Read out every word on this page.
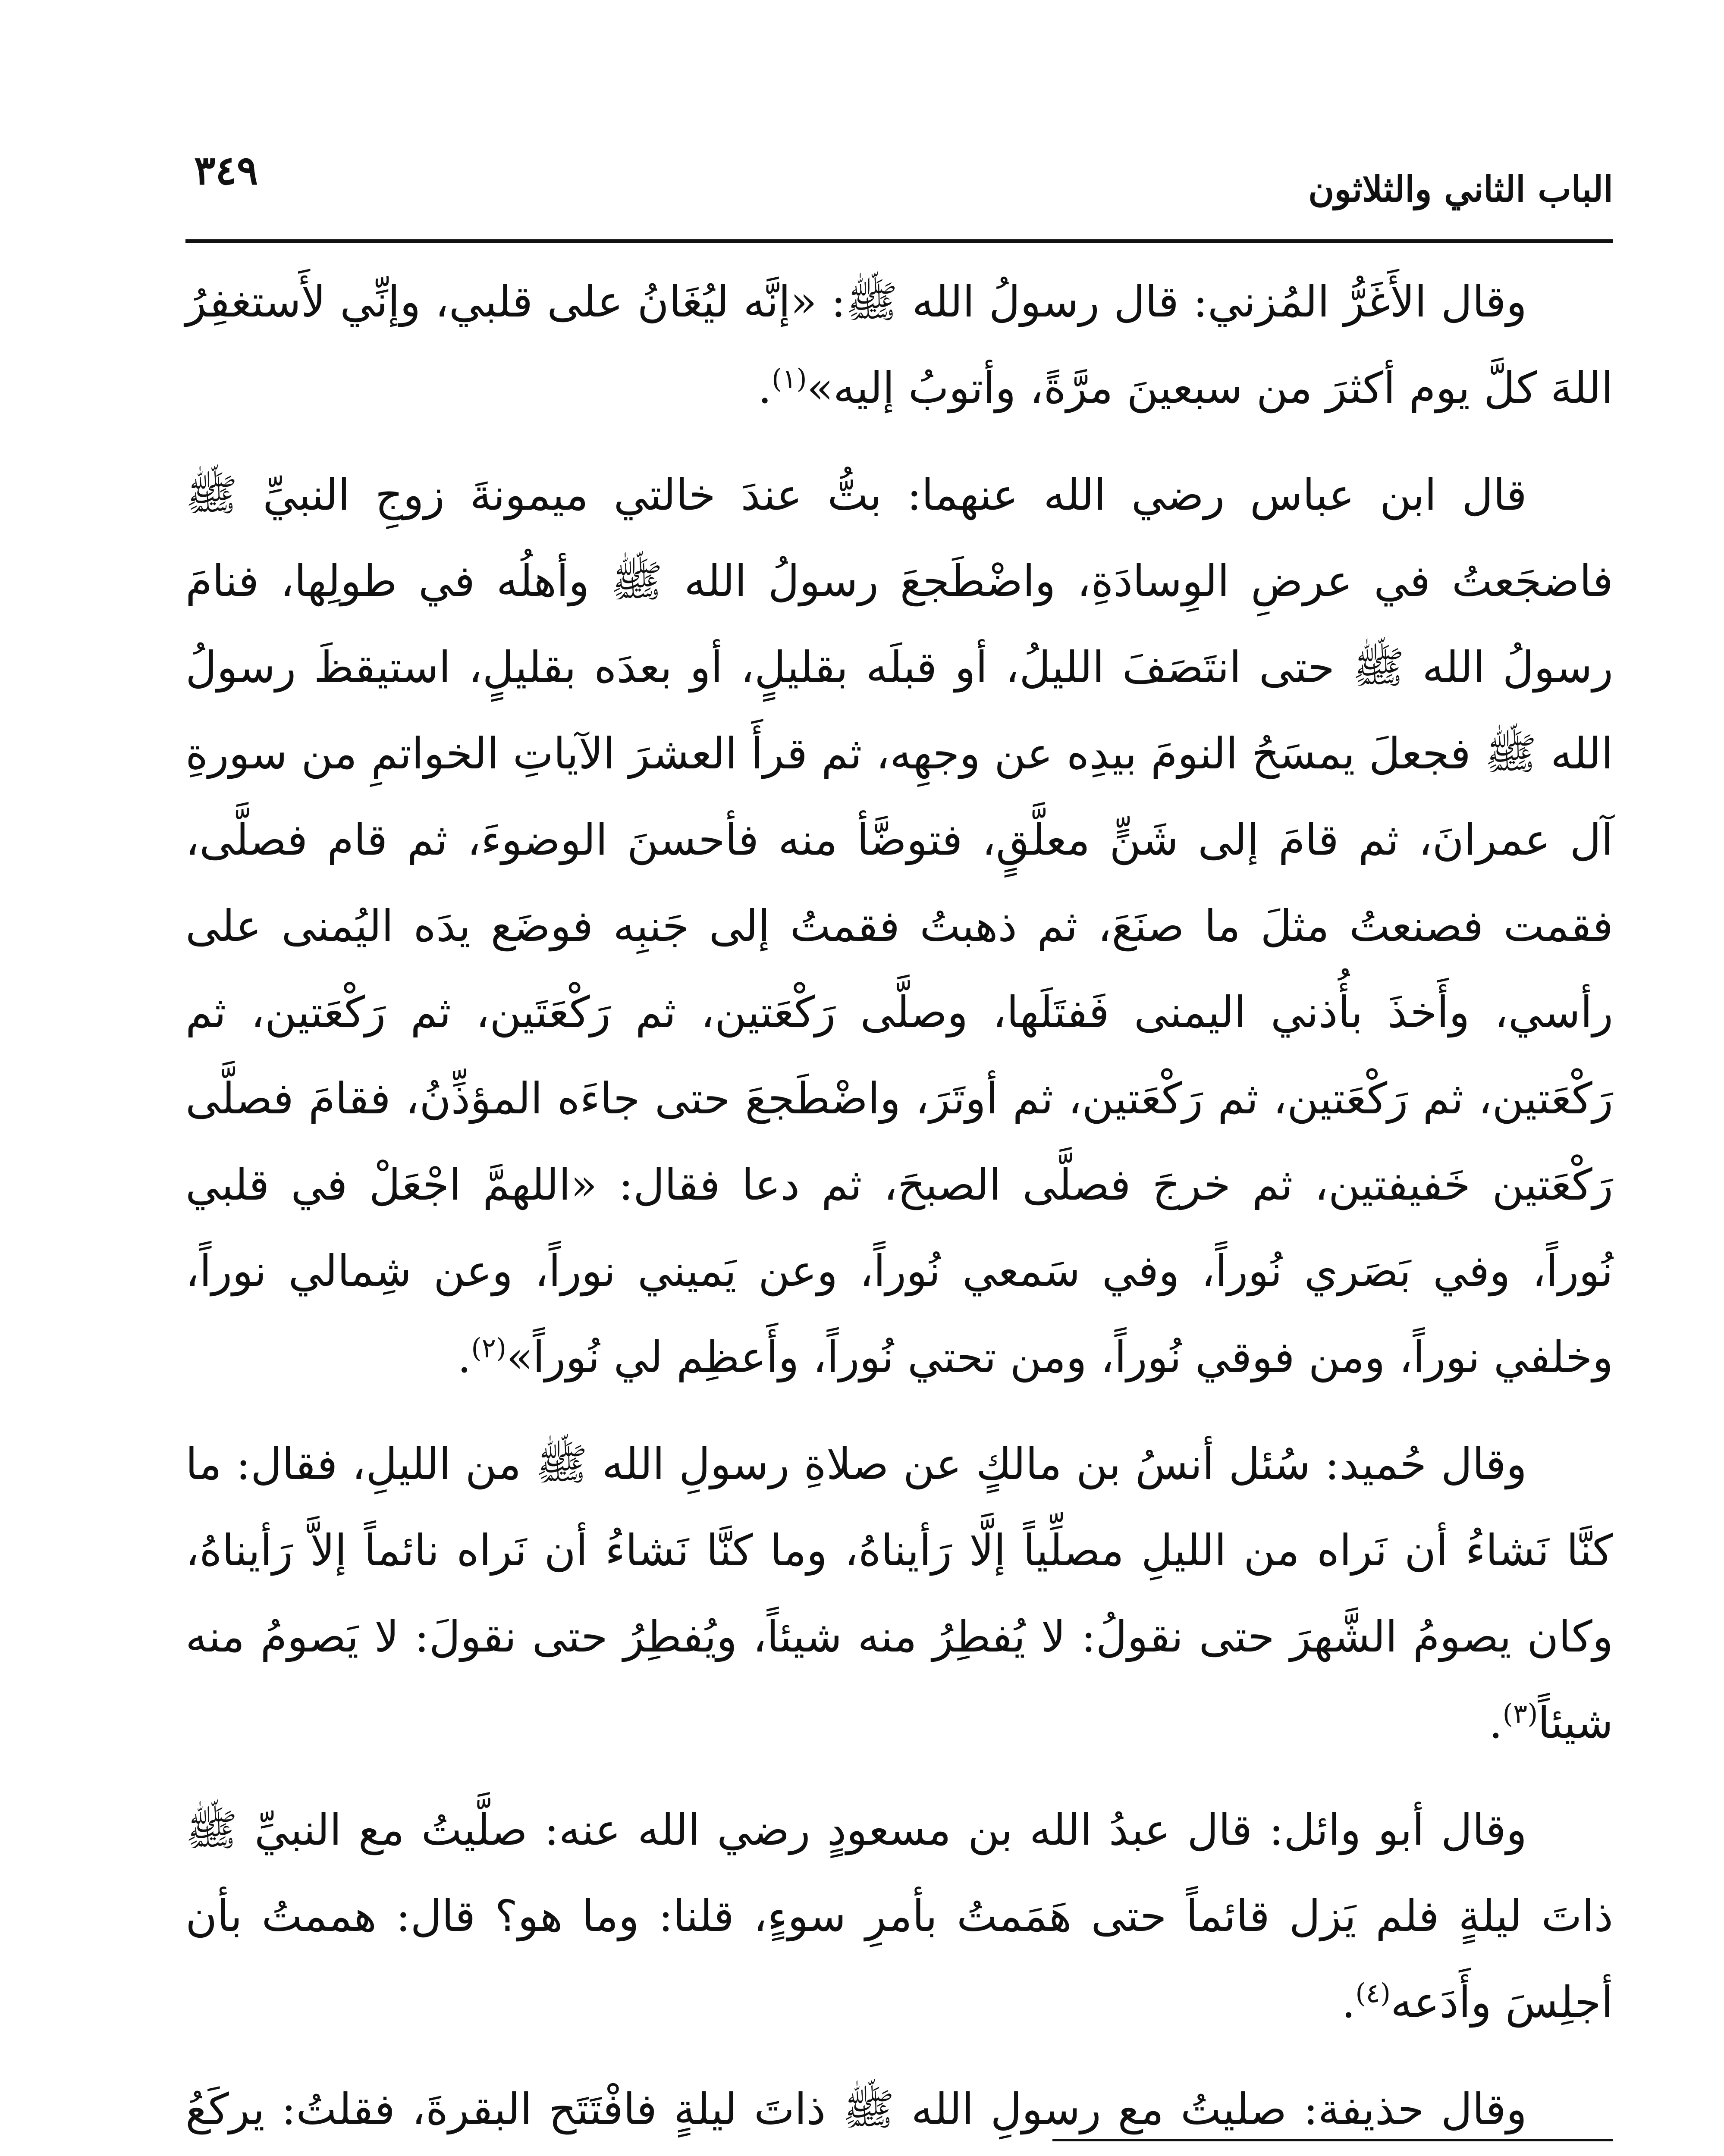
الباب الثاني والثلاثون
٣٤٩

وقال الأَغَرُّ المُزني: قال رسولُ الله ﷺ: «إنَّه ليُغَانُ على قلبي، وإنِّي لأَستغفِرُ اللهَ كلَّ يوم أكثرَ من سبعينَ مرَّةً، وأتوبُ إليه»$^{(١)}$.

قال ابن عباس رضي الله عنهما: بتُّ عندَ خالتي ميمونةَ زوجِ النبيِّ ﷺ فاضجَعتُ في عرضِ الوِسادَةِ، واضْطَجعَ رسولُ الله ﷺ وأهلُه في طولِها، فنامَ رسولُ الله ﷺ حتى انتَصَفَ الليلُ، أو قبلَه بقليلٍ، أو بعدَه بقليلٍ، استيقظَ رسولُ الله ﷺ فجعلَ يمسَحُ النومَ بيدِه عن وجهِه، ثم قرأَ العشرَ الآياتِ الخواتمِ من سورةِ آل عمرانَ، ثم قامَ إلى شَنٍّ معلَّقٍ، فتوضَّأ منه فأحسنَ الوضوءَ، ثم قام فصلَّى، فقمت فصنعتُ مثلَ ما صنَعَ، ثم ذهبتُ فقمتُ إلى جَنبِه فوضَع يدَه اليُمنى على رأسي، وأَخذَ بأُذني اليمنى فَفتَلَها، وصلَّى رَكْعَتين، ثم رَكْعَتَين، ثم رَكْعَتين، ثم رَكْعَتين، ثم رَكْعَتين، ثم رَكْعَتين، ثم أوتَرَ، واضْطَجعَ حتى جاءَه المؤذِّنُ، فقامَ فصلَّى رَكْعَتين خَفيفتين، ثم خرجَ فصلَّى الصبحَ، ثم دعا فقال: «اللهمَّ اجْعَلْ في قلبي نُوراً، وفي بَصَري نُوراً، وفي سَمعي نُوراً، وعن يَميني نوراً، وعن شِمالي نوراً، وخلفي نوراً، ومن فوقي نُوراً، ومن تحتي نُوراً، وأَعظِم لي نُوراً»$^{(٢)}$.

وقال حُميد: سُئل أنسُ بن مالكٍ عن صلاةِ رسولِ الله ﷺ من الليلِ، فقال: ما كنَّا نَشاءُ أن نَراه من الليلِ مصلِّياً إلَّا رَأيناهُ، وما كنَّا نَشاءُ أن نَراه نائماً إلاَّ رَأيناهُ، وكان يصومُ الشَّهرَ حتى نقولُ: لا يُفطِرُ منه شيئاً، ويُفطِرُ حتى نقولَ: لا يَصومُ منه شيئاً$^{(٣)}$.

وقال أبو وائل: قال عبدُ الله بن مسعودٍ رضي الله عنه: صلَّيتُ مع النبيِّ ﷺ ذاتَ ليلةٍ فلم يَزل قائماً حتى هَمَمتُ بأمرِ سوءٍ، قلنا: وما هو؟ قال: هممتُ بأن أجلِسَ وأَدَعه$^{(٤)}$.

وقال حذيفة: صليتُ مع رسولِ الله ﷺ ذاتَ ليلةٍ فافْتَتَح البقرةَ، فقلتُ: يركَعُ
